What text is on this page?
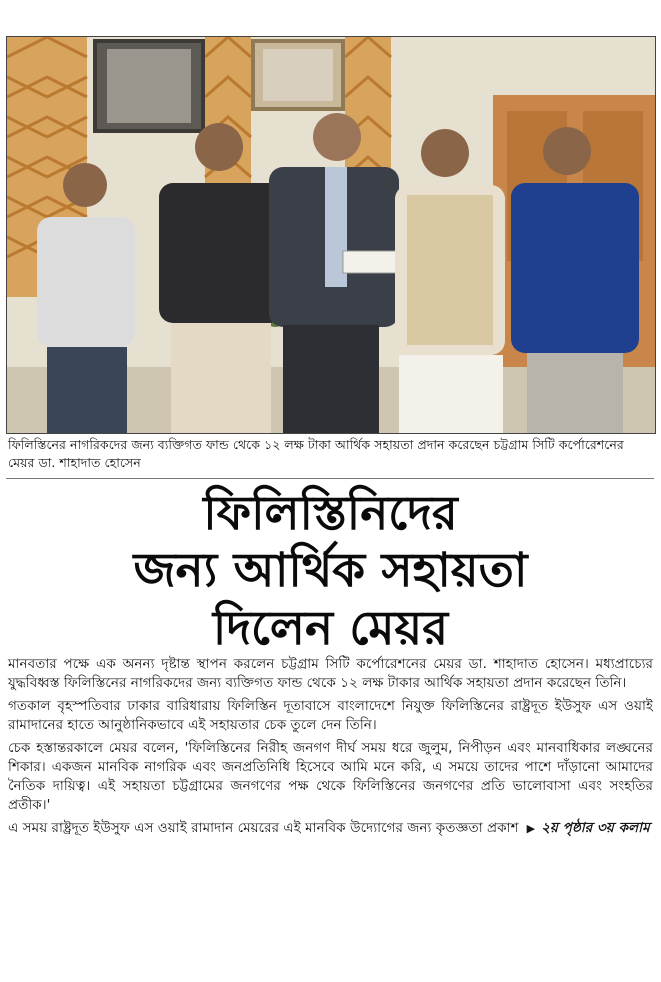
ফিলিস্তিনের নাগরিকদের জন্য ব্যক্তিগত ফান্ড থেকে ১২ লক্ষ টাকা আর্থিক সহায়তা প্রদান করেছেন চট্টগ্রাম সিটি কর্পোরেশনের মেয়র ডা. শাহাদাত হোসেন
ফিলিস্তিনিদের
জন্য আর্থিক সহায়তা
দিলেন মেয়র

মানবতার পক্ষে এক অনন্য দৃষ্টান্ত স্থাপন করলেন চট্টগ্রাম সিটি কর্পোরেশনের মেয়র ডা. শাহাদাত হোসেন। মধ্যপ্রাচ্যের যুদ্ধবিধ্বস্ত ফিলিস্তিনের নাগরিকদের জন্য ব্যক্তিগত ফান্ড থেকে ১২ লক্ষ টাকার আর্থিক সহায়তা প্রদান করেছেন তিনি।

গতকাল বৃহস্পতিবার ঢাকার বারিধারায় ফিলিস্তিন দূতাবাসে বাংলাদেশে নিযুক্ত ফিলিস্তিনের রাষ্ট্রদূত ইউসুফ এস ওয়াই রামাদানের হাতে আনুষ্ঠানিকভাবে এই সহায়তার চেক তুলে দেন তিনি।

চেক হস্তান্তরকালে মেয়র বলেন, 'ফিলিস্তিনের নিরীহ জনগণ দীর্ঘ সময় ধরে জুলুম, নিপীড়ন এবং মানবাধিকার লঙ্ঘনের শিকার। একজন মানবিক নাগরিক এবং জনপ্রতিনিধি হিসেবে আমি মনে করি, এ সময়ে তাদের পাশে দাঁড়ানো আমাদের নৈতিক দায়িত্ব। এই সহায়তা চট্টগ্রামের জনগণের পক্ষ থেকে ফিলিস্তিনের জনগণের প্রতি ভালোবাসা এবং সংহতির প্রতীক।'

এ সময় রাষ্ট্রদূত ইউসুফ এস ওয়াই রামাদান মেয়রের এই মানবিক উদ্যোগের জন্য কৃতজ্ঞতা প্রকাশ ▶ ২য় পৃষ্ঠার ৩য় কলাম
